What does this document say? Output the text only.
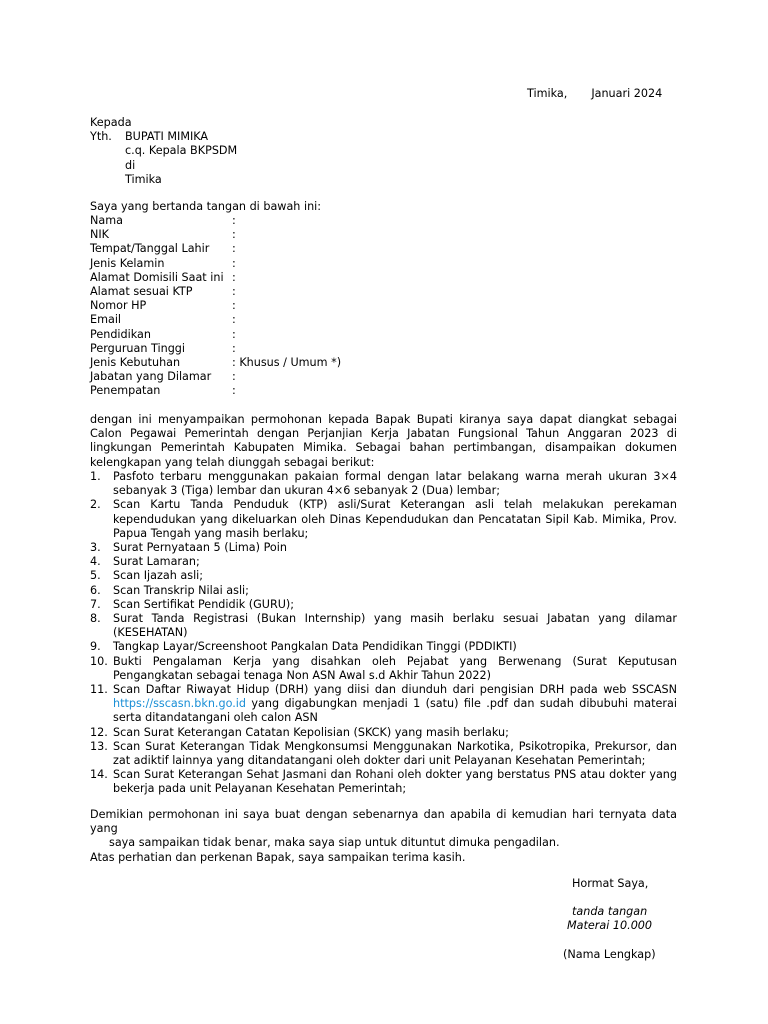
Timika, Januari 2024
Kepada
Yth. BUPATI MIMIKA
c.q. Kepala BKPSDM
di
Timika
Saya yang bertanda tangan di bawah ini:
Nama	:
NIK	:
Tempat/Tanggal Lahir	:
Jenis Kelamin	:
Alamat Domisili Saat ini :
Alamat sesuai KTP	:
Nomor HP	:
Email	:
Pendidikan	:
Perguruan Tinggi	:
Jenis Kebutuhan	: Khusus / Umum *)
Jabatan yang Dilamar	:
Penempatan	:

dengan ini menyampaikan permohonan kepada Bapak Bupati kiranya saya dapat diangkat sebagai Calon Pegawai Pemerintah dengan Perjanjian Kerja Jabatan Fungsional Tahun Anggaran 2023 di lingkungan Pemerintah Kabupaten Mimika. Sebagai bahan pertimbangan, disampaikan dokumen kelengkapan yang telah diunggah sebagai berikut:

1.	Pasfoto terbaru menggunakan pakaian formal dengan latar belakang warna merah ukuran 3×4 sebanyak 3 (Tiga) lembar dan ukuran 4×6 sebanyak 2 (Dua) lembar;
2.	Scan Kartu Tanda Penduduk (KTP) asli/Surat Keterangan asli telah melakukan perekaman kependudukan yang dikeluarkan oleh Dinas Kependudukan dan Pencatatan Sipil Kab. Mimika, Prov. Papua Tengah yang masih berlaku;
3.	Surat Pernyataan 5 (Lima) Poin
4.	Surat Lamaran;
5.	Scan Ijazah asli;
6.	Scan Transkrip Nilai asli;
7.	Scan Sertifikat Pendidik (GURU);
8.	Surat Tanda Registrasi (Bukan Internship) yang masih berlaku sesuai Jabatan yang dilamar (KESEHATAN)
9.	Tangkap Layar/Screenshoot Pangkalan Data Pendidikan Tinggi (PDDIKTI)
10. Bukti Pengalaman Kerja yang disahkan oleh Pejabat yang Berwenang (Surat Keputusan Pengangkatan sebagai tenaga Non ASN Awal s.d Akhir Tahun 2022)
11. Scan Daftar Riwayat Hidup (DRH) yang diisi dan diunduh dari pengisian DRH pada web SSCASN https://sscasn.bkn.go.id yang digabungkan menjadi 1 (satu) file .pdf dan sudah dibubuhi materai serta ditandatangani oleh calon ASN
12. Scan Surat Keterangan Catatan Kepolisian (SKCK) yang masih berlaku;
13. Scan Surat Keterangan Tidak Mengkonsumsi Menggunakan Narkotika, Psikotropika, Prekursor, dan zat adiktif lainnya yang ditandatangani oleh dokter dari unit Pelayanan Kesehatan Pemerintah;
14. Scan Surat Keterangan Sehat Jasmani dan Rohani oleh dokter yang berstatus PNS atau dokter yang bekerja pada unit Pelayanan Kesehatan Pemerintah;

Demikian permohonan ini saya buat dengan sebenarnya dan apabila di kemudian hari ternyata data yang

saya sampaikan tidak benar, maka saya siap untuk dituntut dimuka pengadilan.

Atas perhatian dan perkenan Bapak, saya sampaikan terima kasih.

Hormat Saya,
tanda tangan
Materai 10.000
(Nama Lengkap)
